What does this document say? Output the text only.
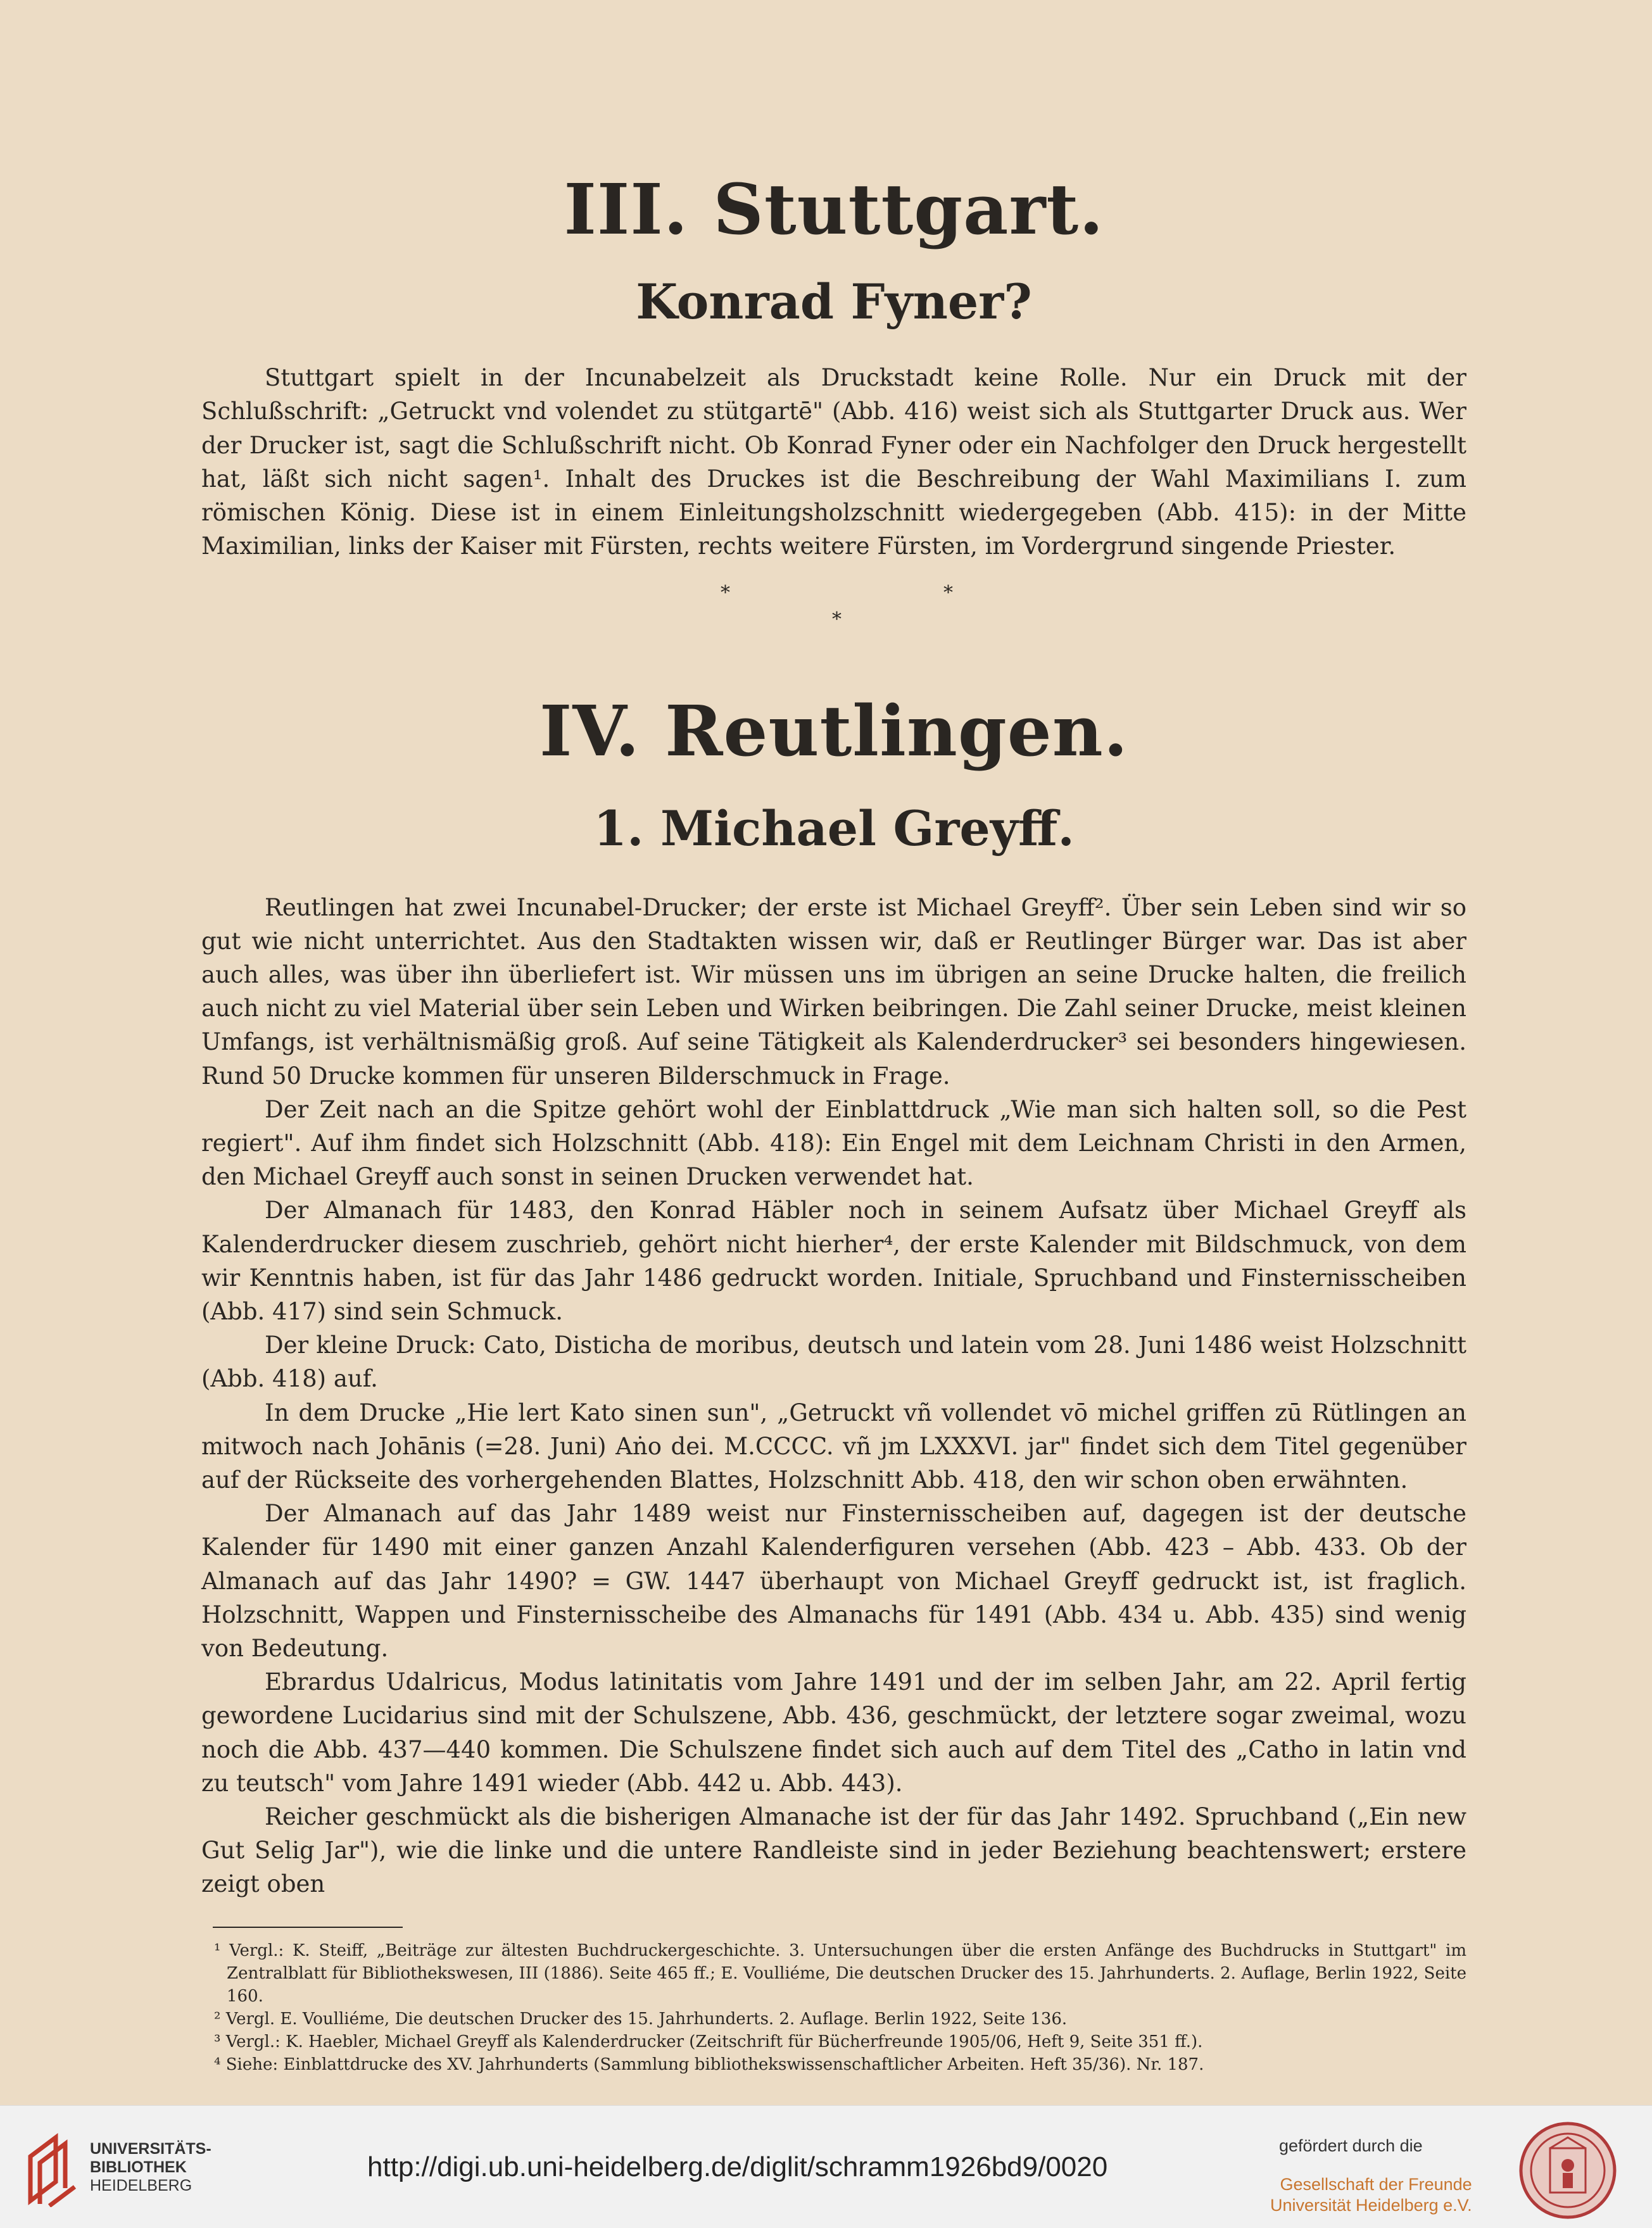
III. Stuttgart.
Konrad Fyner?

Stuttgart spielt in der Incunabelzeit als Druckstadt keine Rolle. Nur ein Druck mit der Schlußschrift: „Getruckt vnd volendet zu stütgartē" (Abb. 416) weist sich als Stuttgarter Druck aus. Wer der Drucker ist, sagt die Schlußschrift nicht. Ob Konrad Fyner oder ein Nachfolger den Druck hergestellt hat, läßt sich nicht sagen¹. Inhalt des Druckes ist die Beschreibung der Wahl Maximilians I. zum römischen König. Diese ist in einem Einleitungsholzschnitt wiedergegeben (Abb. 415): in der Mitte Maximilian, links der Kaiser mit Fürsten, rechts weitere Fürsten, im Vordergrund singende Priester.

*	*
*
IV. Reutlingen.
1. Michael Greyff.

Reutlingen hat zwei Incunabel-Drucker; der erste ist Michael Greyff². Über sein Leben sind wir so gut wie nicht unterrichtet. Aus den Stadtakten wissen wir, daß er Reutlinger Bürger war. Das ist aber auch alles, was über ihn überliefert ist. Wir müssen uns im übrigen an seine Drucke halten, die freilich auch nicht zu viel Material über sein Leben und Wirken beibringen. Die Zahl seiner Drucke, meist kleinen Umfangs, ist verhältnismäßig groß. Auf seine Tätigkeit als Kalenderdrucker³ sei besonders hingewiesen. Rund 50 Drucke kommen für unseren Bilderschmuck in Frage.

Der Zeit nach an die Spitze gehört wohl der Einblattdruck „Wie man sich halten soll, so die Pest regiert". Auf ihm findet sich Holzschnitt (Abb. 418): Ein Engel mit dem Leichnam Christi in den Armen, den Michael Greyff auch sonst in seinen Drucken verwendet hat.

Der Almanach für 1483, den Konrad Häbler noch in seinem Aufsatz über Michael Greyff als Kalenderdrucker diesem zuschrieb, gehört nicht hierher⁴, der erste Kalender mit Bildschmuck, von dem wir Kenntnis haben, ist für das Jahr 1486 gedruckt worden. Initiale, Spruchband und Finsternisscheiben (Abb. 417) sind sein Schmuck.

Der kleine Druck: Cato, Disticha de moribus, deutsch und latein vom 28. Juni 1486 weist Holzschnitt (Abb. 418) auf.

In dem Drucke „Hie lert Kato sinen sun", „Getruckt vñ vollendet vō michel griffen zū Rütlingen an mitwoch nach Johānis (=28. Juni) Aṅo dei. M.CCCC. vñ jm LXXXVI. jar" findet sich dem Titel gegenüber auf der Rückseite des vorhergehenden Blattes, Holzschnitt Abb. 418, den wir schon oben erwähnten.

Der Almanach auf das Jahr 1489 weist nur Finsternisscheiben auf, dagegen ist der deutsche Kalender für 1490 mit einer ganzen Anzahl Kalenderfiguren versehen (Abb. 423 – Abb. 433. Ob der Almanach auf das Jahr 1490? = GW. 1447 überhaupt von Michael Greyff gedruckt ist, ist fraglich. Holzschnitt, Wappen und Finsternisscheibe des Almanachs für 1491 (Abb. 434 u. Abb. 435) sind wenig von Bedeutung.

Ebrardus Udalricus, Modus latinitatis vom Jahre 1491 und der im selben Jahr, am 22. April fertig gewordene Lucidarius sind mit der Schulszene, Abb. 436, geschmückt, der letztere sogar zweimal, wozu noch die Abb. 437—440 kommen. Die Schulszene findet sich auch auf dem Titel des „Catho in latin vnd zu teutsch" vom Jahre 1491 wieder (Abb. 442 u. Abb. 443).

Reicher geschmückt als die bisherigen Almanache ist der für das Jahr 1492. Spruchband („Ein new Gut Selig Jar"), wie die linke und die untere Randleiste sind in jeder Beziehung beachtenswert; erstere zeigt oben

¹ Vergl.: K. Steiff, „Beiträge zur ältesten Buchdruckergeschichte. 3. Untersuchungen über die ersten Anfänge des Buchdrucks in Stuttgart" im Zentralblatt für Bibliothekswesen, III (1886). Seite 465 ff.; E. Voulliéme, Die deutschen Drucker des 15. Jahrhunderts. 2. Auflage, Berlin 1922, Seite 160.

² Vergl. E. Voulliéme, Die deutschen Drucker des 15. Jahrhunderts. 2. Auflage. Berlin 1922, Seite 136.

³ Vergl.: K. Haebler, Michael Greyff als Kalenderdrucker (Zeitschrift für Bücherfreunde 1905/06, Heft 9, Seite 351 ff.).

⁴ Siehe: Einblattdrucke des XV. Jahrhunderts (Sammlung bibliothekswissenschaftlicher Arbeiten. Heft 35/36). Nr. 187.

UNIVERSITÄTS-
BIBLIOTHEK
HEIDELBERG
http://digi.ub.uni-heidelberg.de/diglit/schramm1926bd9/0020
gefördert durch die
Gesellschaft der Freunde
Universität Heidelberg e.V.
